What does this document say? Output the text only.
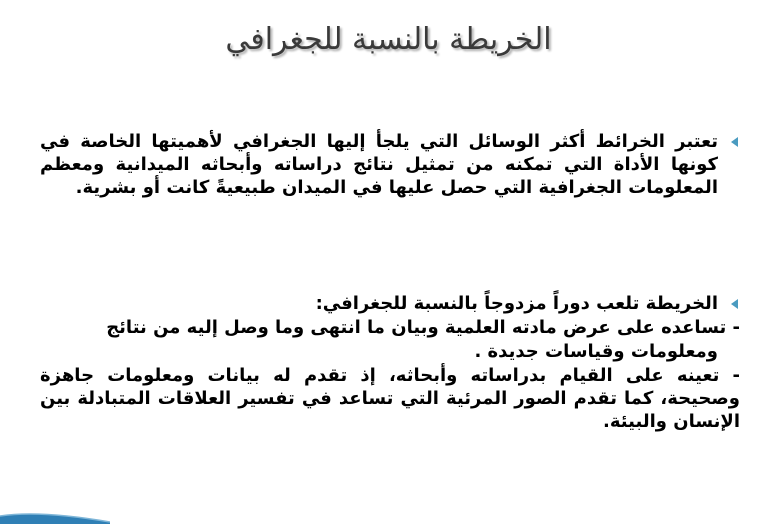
الخريطة بالنسبة للجغرافي
تعتبر الخرائط أكثر الوسائل التي يلجأ إليها الجغرافي لأهميتها الخاصة في كونها الأداة التي تمكنه من تمثيل نتائج دراساته وأبحاثه الميدانية ومعظم المعلومات الجغرافية التي حصل عليها في الميدان طبيعيةً كانت أو بشرية.
الخريطة تلعب دوراً مزدوجاً بالنسبة للجغرافي:
- تساعده على عرض مادته العلمية وبيان ما انتهى وما وصل إليه من نتائج
ومعلومات وقياسات جديدة .
- تعينه على القيام بدراساته وأبحاثه، إذ تقدم له بيانات ومعلومات جاهزة وصحيحة، كما تقدم الصور المرئية التي تساعد في تفسير العلاقات المتبادلة بين الإنسان والبيئة.
